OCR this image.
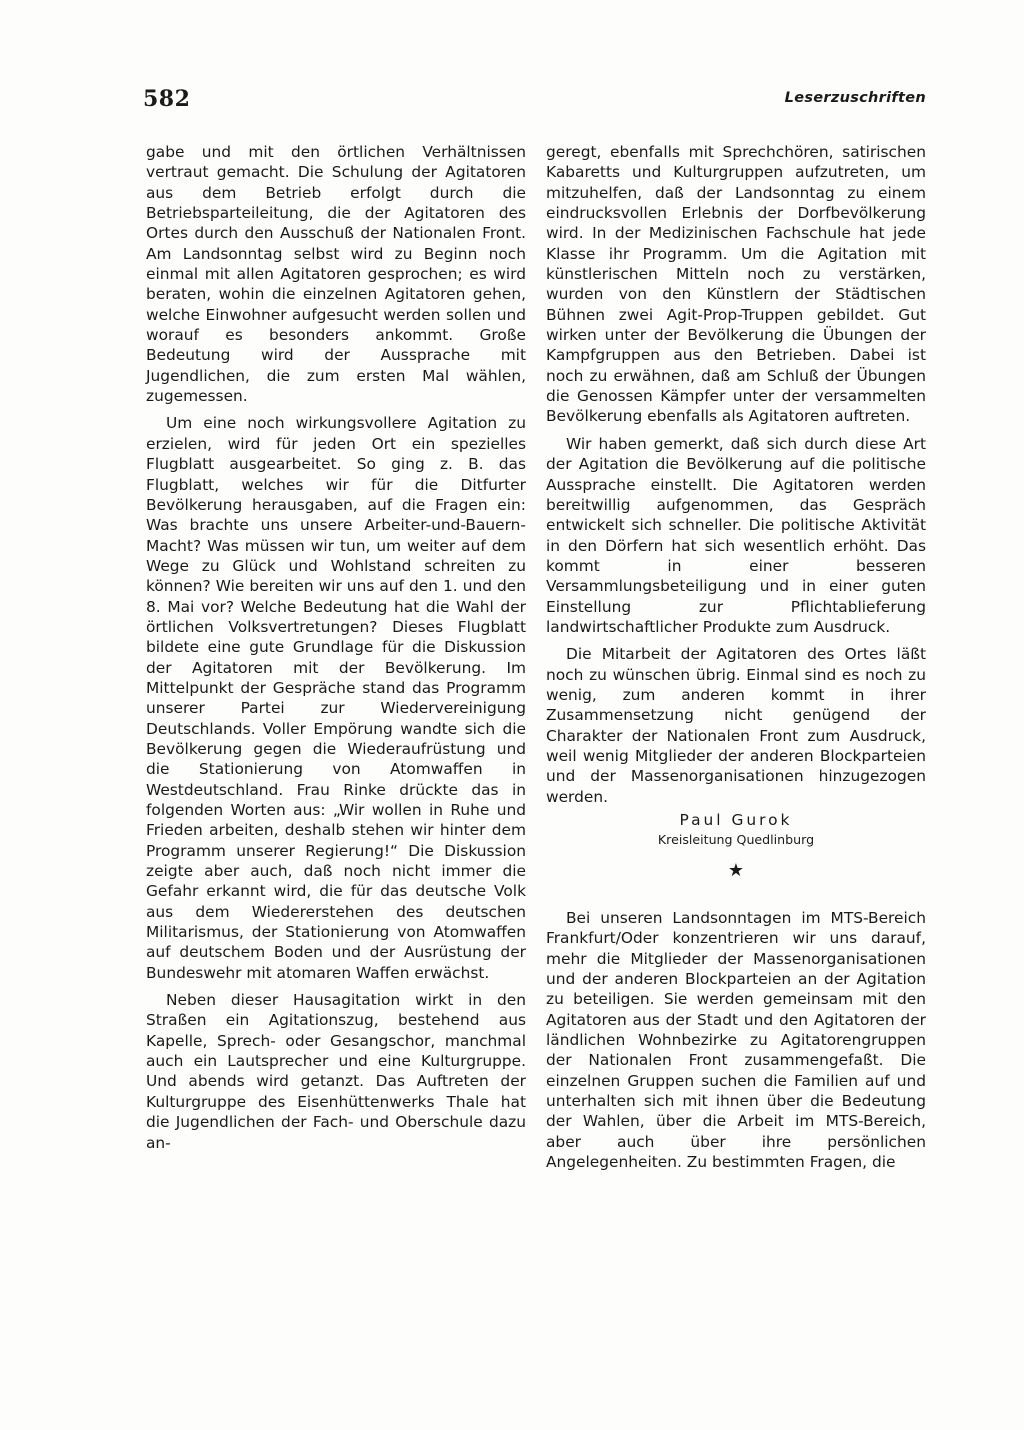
582	Leserzuschriften

gabe und mit den örtlichen Verhältnissen vertraut gemacht. Die Schulung der Agitatoren aus dem Betrieb erfolgt durch die Betriebsparteileitung, die der Agitatoren des Ortes durch den Ausschuß der Nationalen Front. Am Landsonntag selbst wird zu Beginn noch einmal mit allen Agitatoren gesprochen; es wird beraten, wohin die einzelnen Agitatoren gehen, welche Einwohner aufgesucht werden sollen und worauf es besonders ankommt. Große Bedeutung wird der Aussprache mit Jugendlichen, die zum ersten Mal wählen, zugemessen.

Um eine noch wirkungsvollere Agitation zu erzielen, wird für jeden Ort ein spezielles Flugblatt ausgearbeitet. So ging z. B. das Flugblatt, welches wir für die Ditfurter Bevölkerung herausgaben, auf die Fragen ein: Was brachte uns unsere Arbeiter-und-Bauern-Macht? Was müssen wir tun, um weiter auf dem Wege zu Glück und Wohlstand schreiten zu können? Wie bereiten wir uns auf den 1. und den 8. Mai vor? Welche Bedeutung hat die Wahl der örtlichen Volksvertretungen? Dieses Flugblatt bildete eine gute Grundlage für die Diskussion der Agitatoren mit der Bevölkerung. Im Mittelpunkt der Gespräche stand das Programm unserer Partei zur Wiedervereinigung Deutschlands. Voller Empörung wandte sich die Bevölkerung gegen die Wiederaufrüstung und die Stationierung von Atomwaffen in Westdeutschland. Frau Rinke drückte das in folgenden Worten aus: „Wir wollen in Ruhe und Frieden arbeiten, deshalb stehen wir hinter dem Programm unserer Regierung!“ Die Diskussion zeigte aber auch, daß noch nicht immer die Gefahr erkannt wird, die für das deutsche Volk aus dem Wiedererstehen des deutschen Militarismus, der Stationierung von Atomwaffen auf deutschem Boden und der Ausrüstung der Bundeswehr mit atomaren Waffen erwächst.

Neben dieser Hausagitation wirkt in den Straßen ein Agitationszug, bestehend aus Kapelle, Sprech- oder Gesangschor, manchmal auch ein Lautsprecher und eine Kulturgruppe. Und abends wird getanzt. Das Auftreten der Kulturgruppe des Eisenhüttenwerks Thale hat die Jugendlichen der Fach- und Oberschule dazu an-

geregt, ebenfalls mit Sprechchören, satirischen Kabaretts und Kulturgruppen aufzutreten, um mitzuhelfen, daß der Landsonntag zu einem eindrucksvollen Erlebnis der Dorfbevölkerung wird. In der Medizinischen Fachschule hat jede Klasse ihr Programm. Um die Agitation mit künstlerischen Mitteln noch zu verstärken, wurden von den Künstlern der Städtischen Bühnen zwei Agit-Prop-Truppen gebildet. Gut wirken unter der Bevölkerung die Übungen der Kampfgruppen aus den Betrieben. Dabei ist noch zu erwähnen, daß am Schluß der Übungen die Genossen Kämpfer unter der versammelten Bevölkerung ebenfalls als Agitatoren auftreten.

Wir haben gemerkt, daß sich durch diese Art der Agitation die Bevölkerung auf die politische Aussprache einstellt. Die Agitatoren werden bereitwillig aufgenommen, das Gespräch entwickelt sich schneller. Die politische Aktivität in den Dörfern hat sich wesentlich erhöht. Das kommt in einer besseren Versammlungsbeteiligung und in einer guten Einstellung zur Pflichtablieferung landwirtschaftlicher Produkte zum Ausdruck.

Die Mitarbeit der Agitatoren des Ortes läßt noch zu wünschen übrig. Einmal sind es noch zu wenig, zum anderen kommt in ihrer Zusammensetzung nicht genügend der Charakter der Nationalen Front zum Ausdruck, weil wenig Mitglieder der anderen Blockparteien und der Massenorganisationen hinzugezogen werden.

Paul Gurok
Kreisleitung Quedlinburg
★

Bei unseren Landsonntagen im MTS-Bereich Frankfurt/Oder konzentrieren wir uns darauf, mehr die Mitglieder der Massenorganisationen und der anderen Blockparteien an der Agitation zu beteiligen. Sie werden gemeinsam mit den Agitatoren aus der Stadt und den Agitatoren der ländlichen Wohnbezirke zu Agitatorengruppen der Nationalen Front zusammengefaßt. Die einzelnen Gruppen suchen die Familien auf und unterhalten sich mit ihnen über die Bedeutung der Wahlen, über die Arbeit im MTS-Bereich, aber auch über ihre persönlichen Angelegenheiten. Zu bestimmten Fragen, die
